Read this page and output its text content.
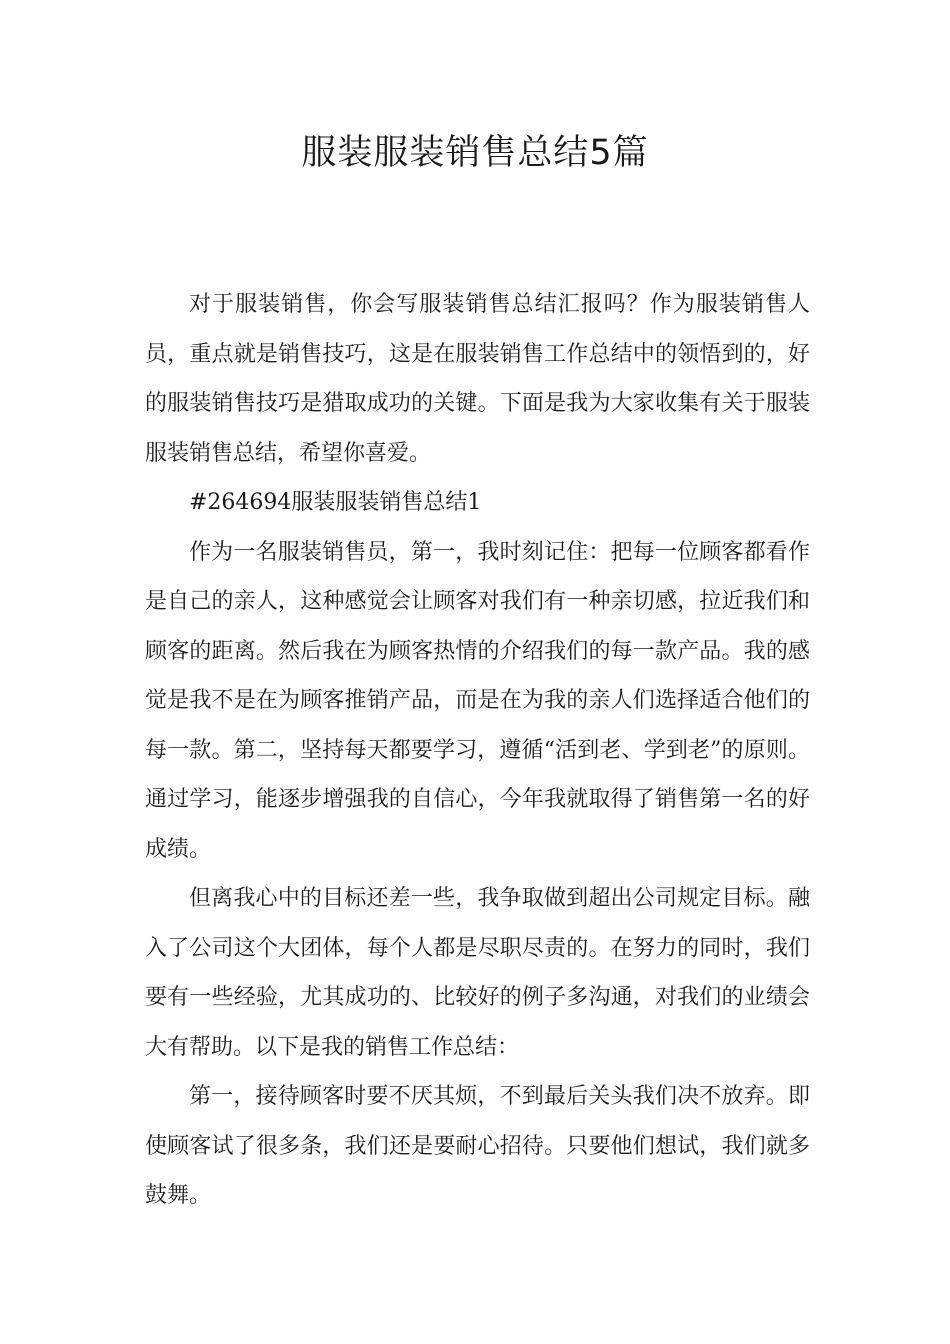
服装服装销售总结5篇

对于服装销售，你会写服装销售总结汇报吗？作为服装销售人员，重点就是销售技巧，这是在服装销售工作总结中的领悟到的，好的服装销售技巧是猎取成功的关键。下面是我为大家收集有关于服装服装销售总结，希望你喜爱。

#264694服装服装销售总结1

作为一名服装销售员，第一，我时刻记住：把每一位顾客都看作是自己的亲人，这种感觉会让顾客对我们有一种亲切感，拉近我们和顾客的距离。然后我在为顾客热情的介绍我们的每一款产品。我的感觉是我不是在为顾客推销产品，而是在为我的亲人们选择适合他们的每一款。第二，坚持每天都要学习，遵循“活到老、学到老”的原则。通过学习，能逐步增强我的自信心，今年我就取得了销售第一名的好成绩。

但离我心中的目标还差一些，我争取做到超出公司规定目标。融入了公司这个大团体，每个人都是尽职尽责的。在努力的同时，我们要有一些经验，尤其成功的、比较好的例子多沟通，对我们的业绩会大有帮助。以下是我的销售工作总结：

第一，接待顾客时要不厌其烦，不到最后关头我们决不放弃。即使顾客试了很多条，我们还是要耐心招待。只要他们想试，我们就多鼓舞。
